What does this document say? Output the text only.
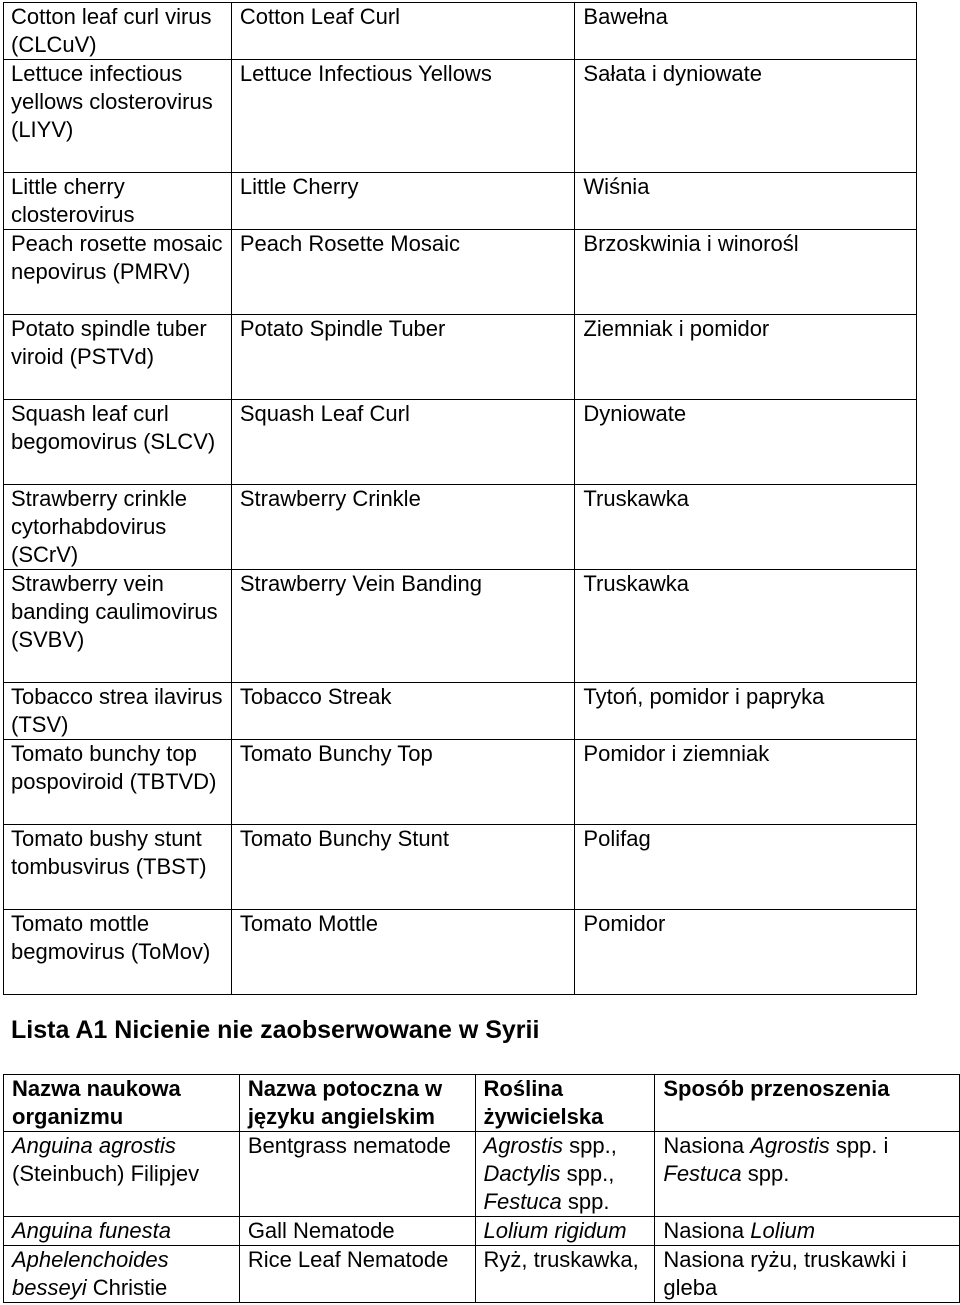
Cotton leaf curl virus (CLCuV)	Cotton Leaf Curl	Bawełna
Lettuce infectious yellows closterovirus (LIYV)	Lettuce Infectious Yellows	Sałata i dyniowate
Little cherry closterovirus	Little Cherry	Wiśnia
Peach rosette mosaic nepovirus (PMRV)	Peach Rosette Mosaic	Brzoskwinia i winorośl
Potato spindle tuber viroid (PSTVd)	Potato Spindle Tuber	Ziemniak i pomidor
Squash leaf curl begomovirus (SLCV)	Squash Leaf Curl	Dyniowate
Strawberry crinkle cytorhabdovirus (SCrV)	Strawberry Crinkle	Truskawka
Strawberry vein banding caulimovirus (SVBV)	Strawberry Vein Banding	Truskawka
Tobacco strea ilavirus (TSV)	Tobacco Streak	Tytoń, pomidor i papryka
Tomato bunchy top pospoviroid (TBTVD)	Tomato Bunchy Top	Pomidor i ziemniak
Tomato bushy stunt tombusvirus (TBST)	Tomato Bunchy Stunt	Polifag
Tomato mottle begmovirus (ToMov)	Tomato Mottle	Pomidor
Lista A1 Nicienie nie zaobserwowane w Syrii
Nazwa naukowa organizmu	Nazwa potoczna w języku angielskim	Roślina żywicielska	Sposób przenoszenia
Anguina agrostis (Steinbuch) Filipjev	Bentgrass nematode	Agrostis spp., Dactylis spp., Festuca spp.	Nasiona Agrostis spp. i Festuca spp.
Anguina funesta	Gall Nematode	Lolium rigidum	Nasiona Lolium
Aphelenchoides besseyi Christie	Rice Leaf Nematode	Ryż, truskawka,	Nasiona ryżu, truskawki i gleba
